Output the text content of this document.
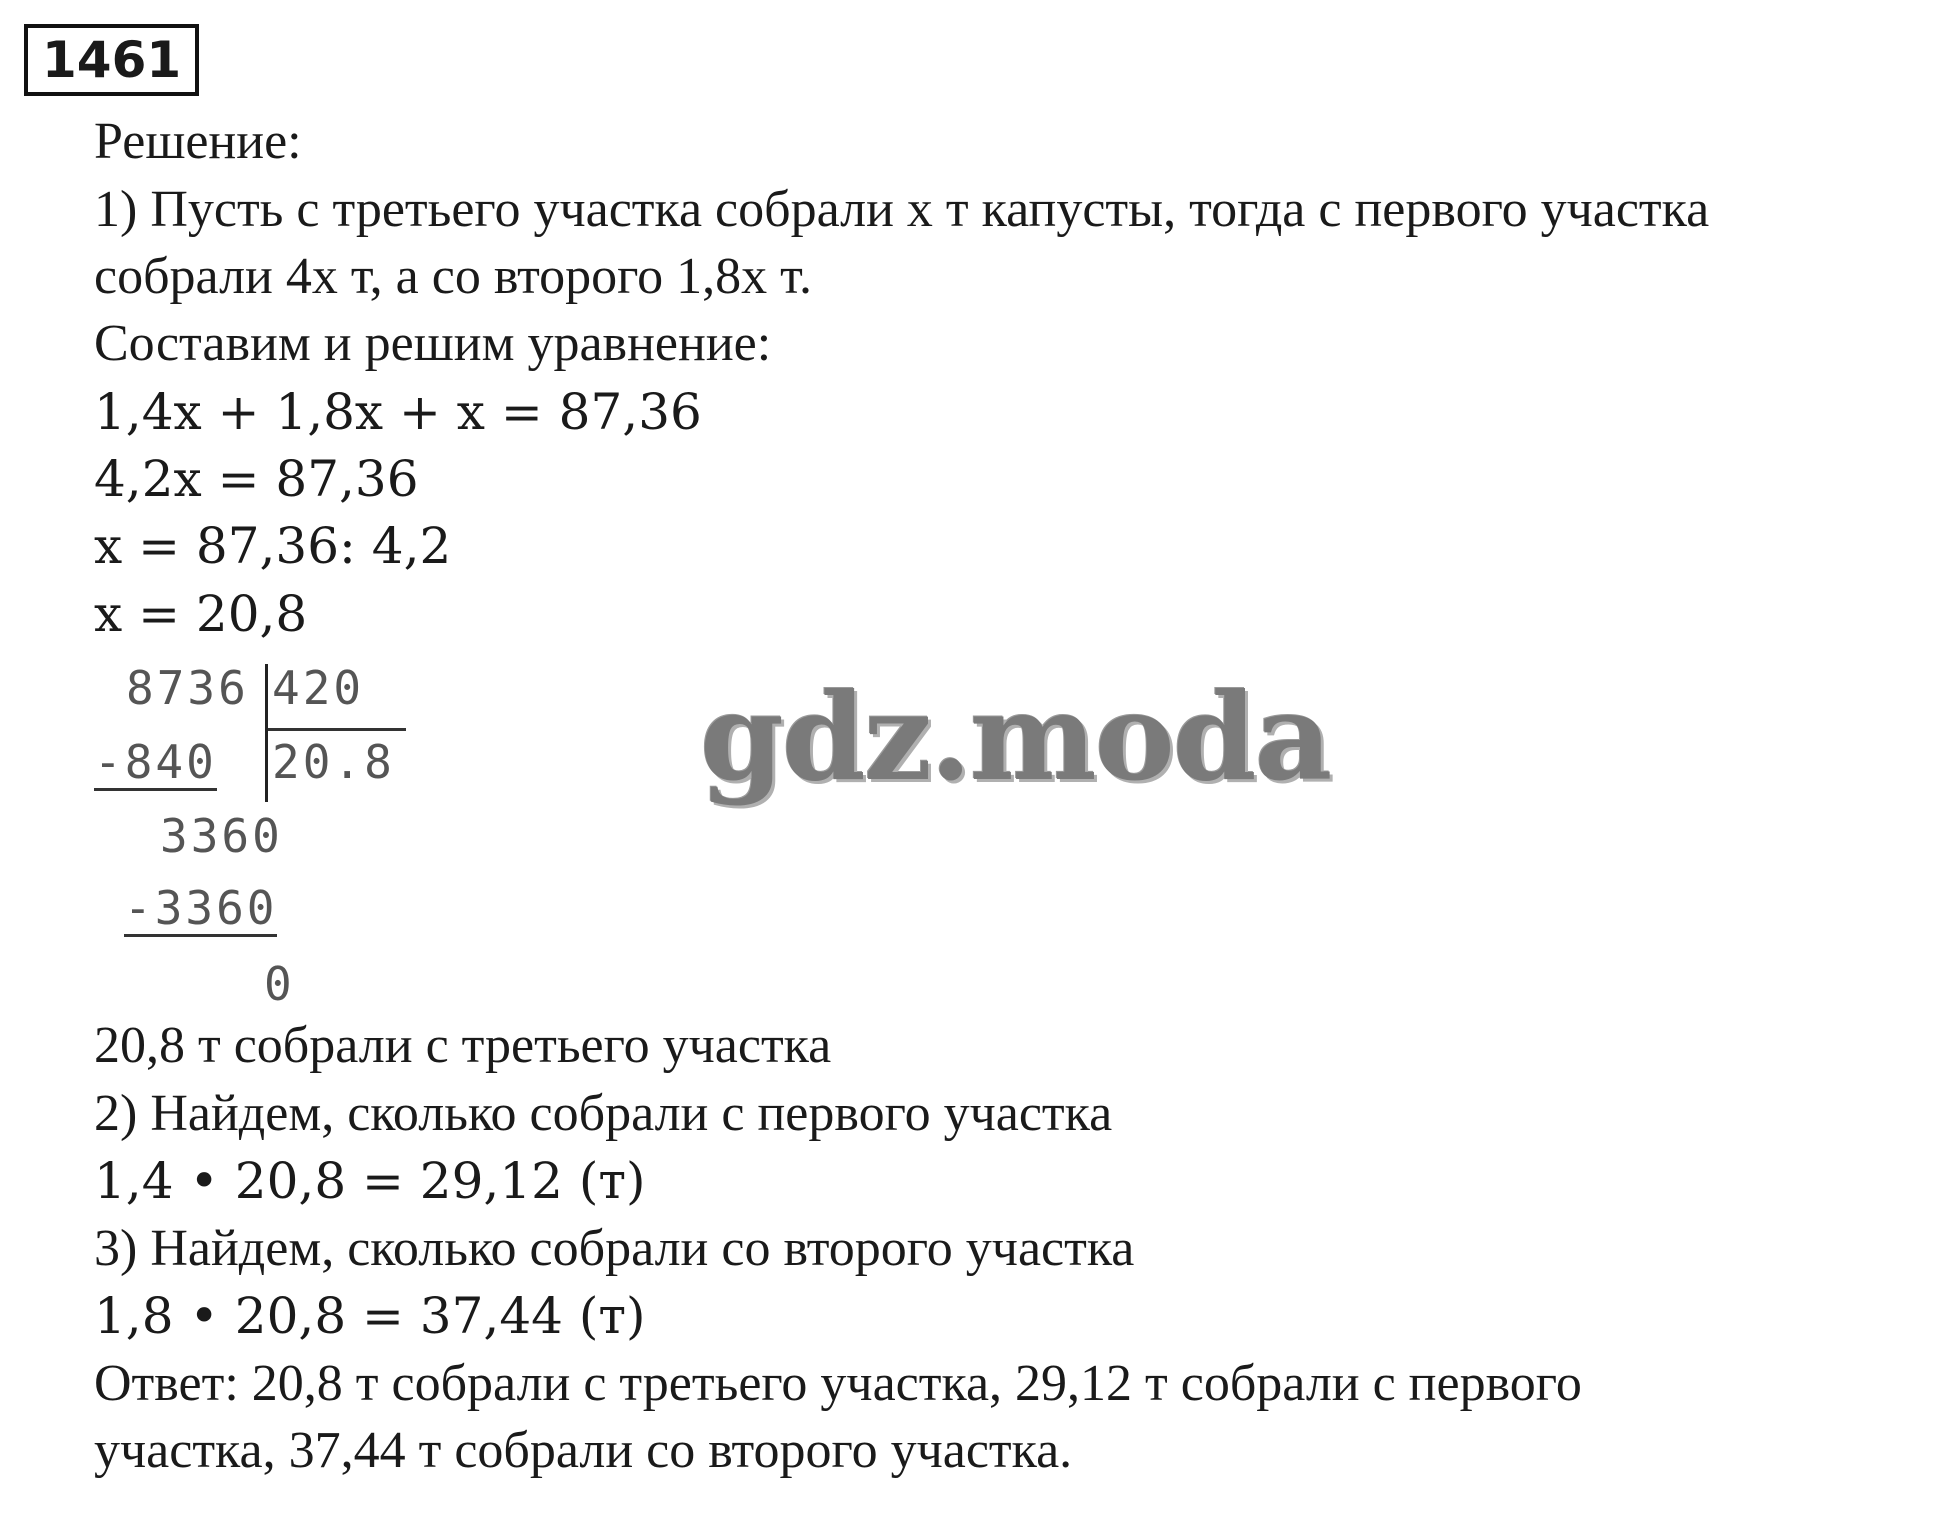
1461
Решение:
1) Пусть с третьего участка собрали x т капусты, тогда с первого участка
собрали 4x т, а со второго 1,8x т.
Составим и решим уравнение:
1,4x + 1,8x + x = 87,36
4,2x = 87,36
x = 87,36: 4,2
x = 20,8
8736 420
-840 20.8
3360
-3360
0
gdz.moda
20,8 т собрали с третьего участка
2) Найдем, сколько собрали с первого участка
1,4 • 20,8 = 29,12 (т)
3) Найдем, сколько собрали со второго участка
1,8 • 20,8 = 37,44 (т)
Ответ: 20,8 т собрали с третьего участка, 29,12 т собрали с первого
участка, 37,44 т собрали со второго участка.
